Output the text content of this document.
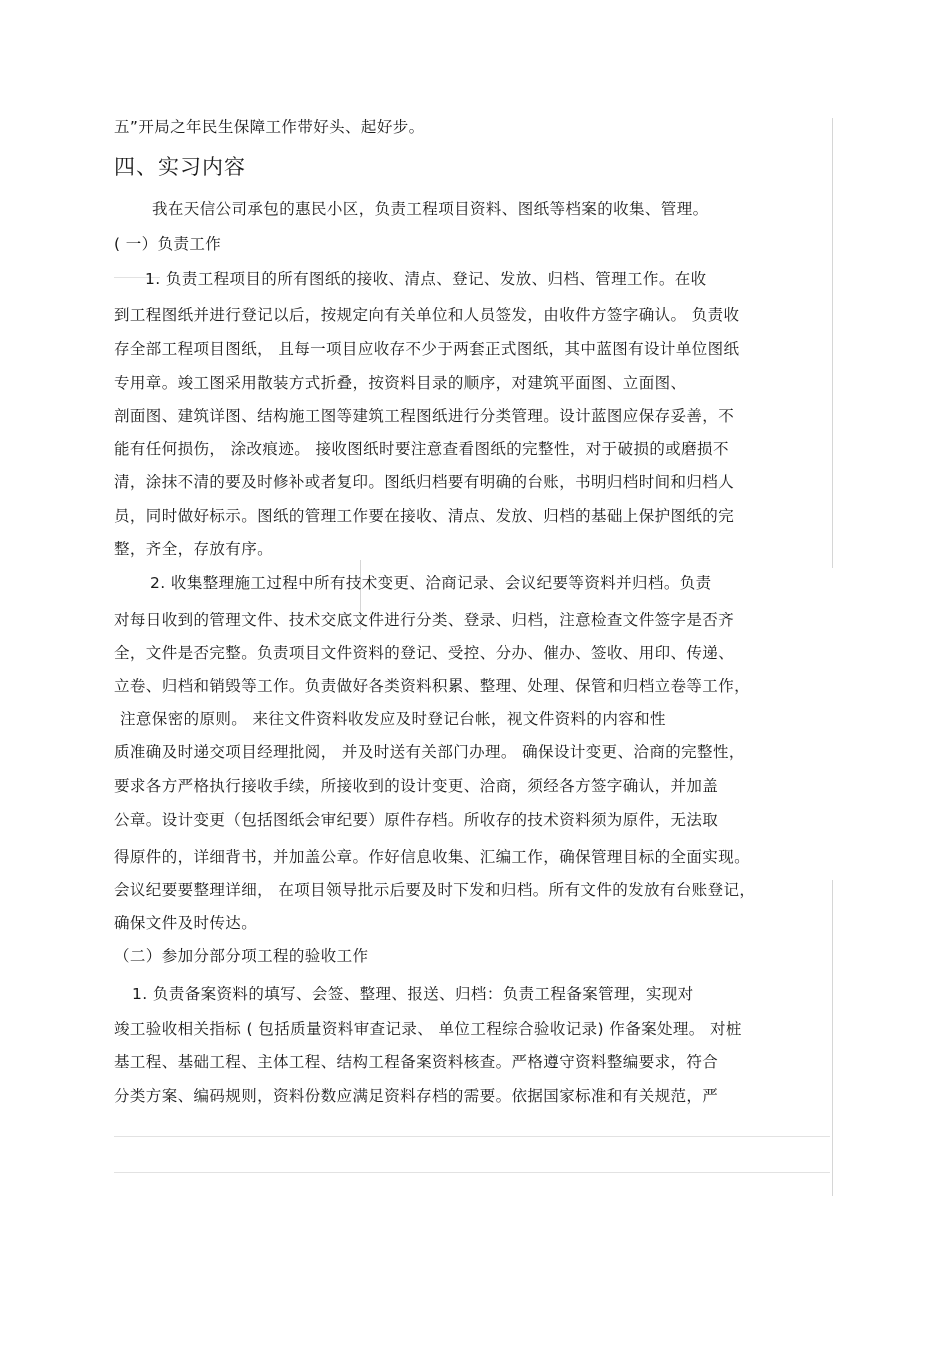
五”开局之年民生保障工作带好头、起好步。
四、实习内容
我在天信公司承包的惠民小区，负责工程项目资料、图纸等档案的收集、管理。
( 一）负责工作
1. 负责工程项目的所有图纸的接收、清点、登记、发放、归档、管理工作。在收
到工程图纸并进行登记以后，按规定向有关单位和人员签发，由收件方签字确认。 负责收
存全部工程项目图纸， 且每一项目应收存不少于两套正式图纸，其中蓝图有设计单位图纸
专用章。竣工图采用散装方式折叠，按资料目录的顺序，对建筑平面图、立面图、
剖面图、建筑详图、结构施工图等建筑工程图纸进行分类管理。设计蓝图应保存妥善，不
能有任何损伤， 涂改痕迹。 接收图纸时要注意查看图纸的完整性，对于破损的或磨损不
清，涂抹不清的要及时修补或者复印。图纸归档要有明确的台账，书明归档时间和归档人
员，同时做好标示。图纸的管理工作要在接收、清点、发放、归档的基础上保护图纸的完
整，齐全，存放有序。
2. 收集整理施工过程中所有技术变更、洽商记录、会议纪要等资料并归档。负责
对每日收到的管理文件、技术交底文件进行分类、登录、归档，注意检查文件签字是否齐
全，文件是否完整。负责项目文件资料的登记、受控、分办、催办、签收、用印、传递、
立卷、归档和销毁等工作。负责做好各类资料积累、整理、处理、保管和归档立卷等工作，
注意保密的原则。 来往文件资料收发应及时登记台帐，视文件资料的内容和性
质准确及时递交项目经理批阅， 并及时送有关部门办理。 确保设计变更、洽商的完整性，
要求各方严格执行接收手续，所接收到的设计变更、洽商，须经各方签字确认，并加盖
公章。设计变更（包括图纸会审纪要）原件存档。所收存的技术资料须为原件，无法取
得原件的，详细背书，并加盖公章。作好信息收集、汇编工作，确保管理目标的全面实现。
会议纪要要整理详细， 在项目领导批示后要及时下发和归档。所有文件的发放有台账登记，
确保文件及时传达。
（二）参加分部分项工程的验收工作
1. 负责备案资料的填写、会签、整理、报送、归档：负责工程备案管理，实现对
竣工验收相关指标 ( 包括质量资料审查记录、 单位工程综合验收记录) 作备案处理。 对桩
基工程、基础工程、主体工程、结构工程备案资料核查。严格遵守资料整编要求，符合
分类方案、编码规则，资料份数应满足资料存档的需要。依据国家标准和有关规范，严
